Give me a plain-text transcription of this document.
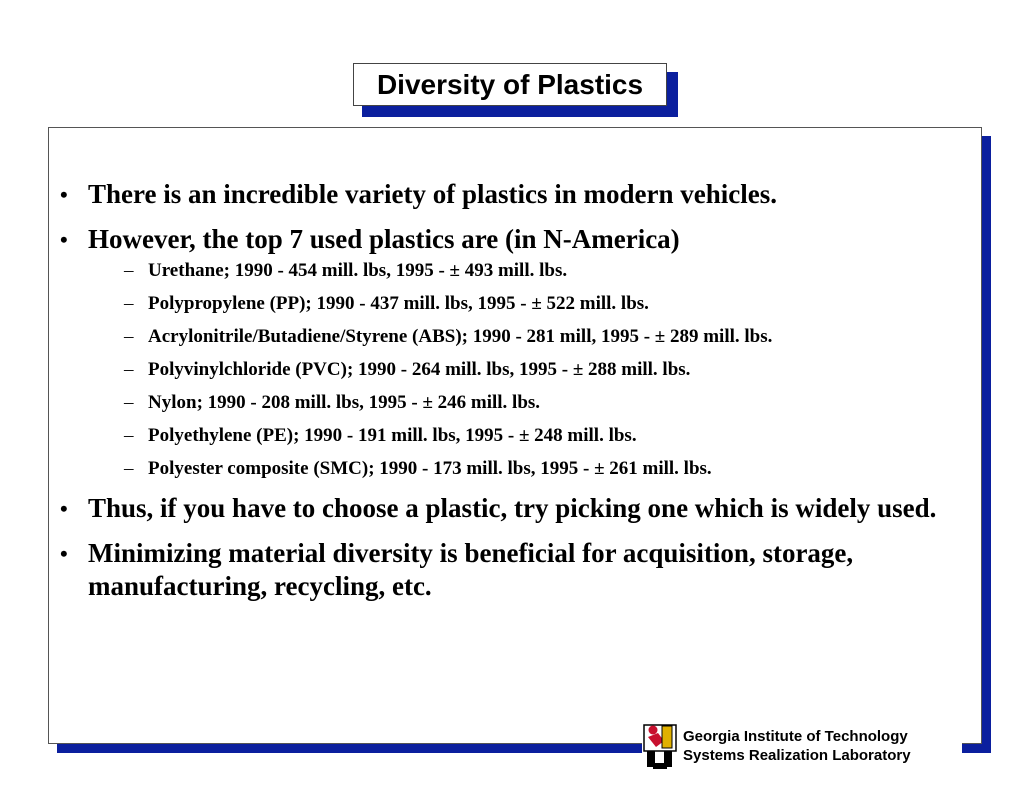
Diversity of Plastics
• There is an incredible variety of plastics in modern vehicles.
• However, the top 7 used plastics are (in N-America)
– Urethane; 1990 - 454 mill. lbs, 1995 - ± 493 mill. lbs.
– Polypropylene (PP); 1990 - 437 mill. lbs, 1995 - ± 522 mill. lbs.
– Acrylonitrile/Butadiene/Styrene (ABS); 1990 - 281 mill, 1995 - ± 289 mill. lbs.
– Polyvinylchloride (PVC); 1990 - 264 mill. lbs, 1995 - ± 288 mill. lbs.
– Nylon; 1990 - 208 mill. lbs, 1995 - ± 246 mill. lbs.
– Polyethylene (PE); 1990 - 191 mill. lbs, 1995 - ± 248 mill. lbs.
– Polyester composite (SMC); 1990 - 173 mill. lbs, 1995 - ± 261 mill. lbs.
• Thus, if you have to choose a plastic, try picking one which is widely used.
• Minimizing material diversity is beneficial for acquisition, storage, manufacturing, recycling, etc.
Georgia Institute of Technology
Systems Realization Laboratory
